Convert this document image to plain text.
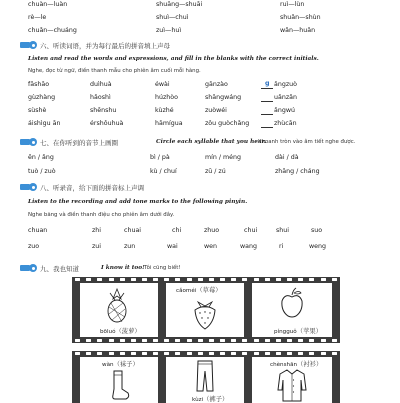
chuàn—luàn	shuāng—shuāi	ruì—lùn
rè—le	shuì—chuì	shuǎn—shùn
chuǎn—chuáng	zuì—huì	wǎn—huǎn
六、听读词语，并为每行最后的拼音填上声母
Listen and read the words and expressions, and fill in the blanks with the correct initials.
Nghe, đọc từ ngữ, điền thanh mẫu cho phiên âm cuối mỗi hàng.
fāshāo	duìhuà	éwài	gānzào	g ǎngzuò
gùzhàng	hǎoshì	húzhòo	shāngwáng	uǎnzǎn
sùshè	shēnshu	kùzhé	zuòwéi	ǎngwú
áishìgu ān	érshǒuhuà	hāmígua	zǒu guòchǎng	zhùcān
七、在你听到的音节上画圈	Circle each syllable that you hear.
Khoanh tròn vào âm tiết nghe được.
ēn / ǎng	bì / pà	mín / méng	dài / dà
tuò / zuò	kù / chuí	zū / zú	zhāng / cháng
八、听录音，给下面的拼音标上声调
Listen to the recording and add tone marks to the following pinyin.
Nghe băng và điền thanh điệu cho phiên âm dưới đây.
chuan	zhi	chuai	chi	zhuo	chui	shui	suo
zuo	zui	zun	wai	wen	wang	ri	weng
九、我也知道	I know it too! Tôi cũng biết!
bōluó（菠萝）
cǎoméi（草莓）
píngguǒ（苹果）
wàn（袜子）
kùzi（裤子）
chènshān（衬衫）
